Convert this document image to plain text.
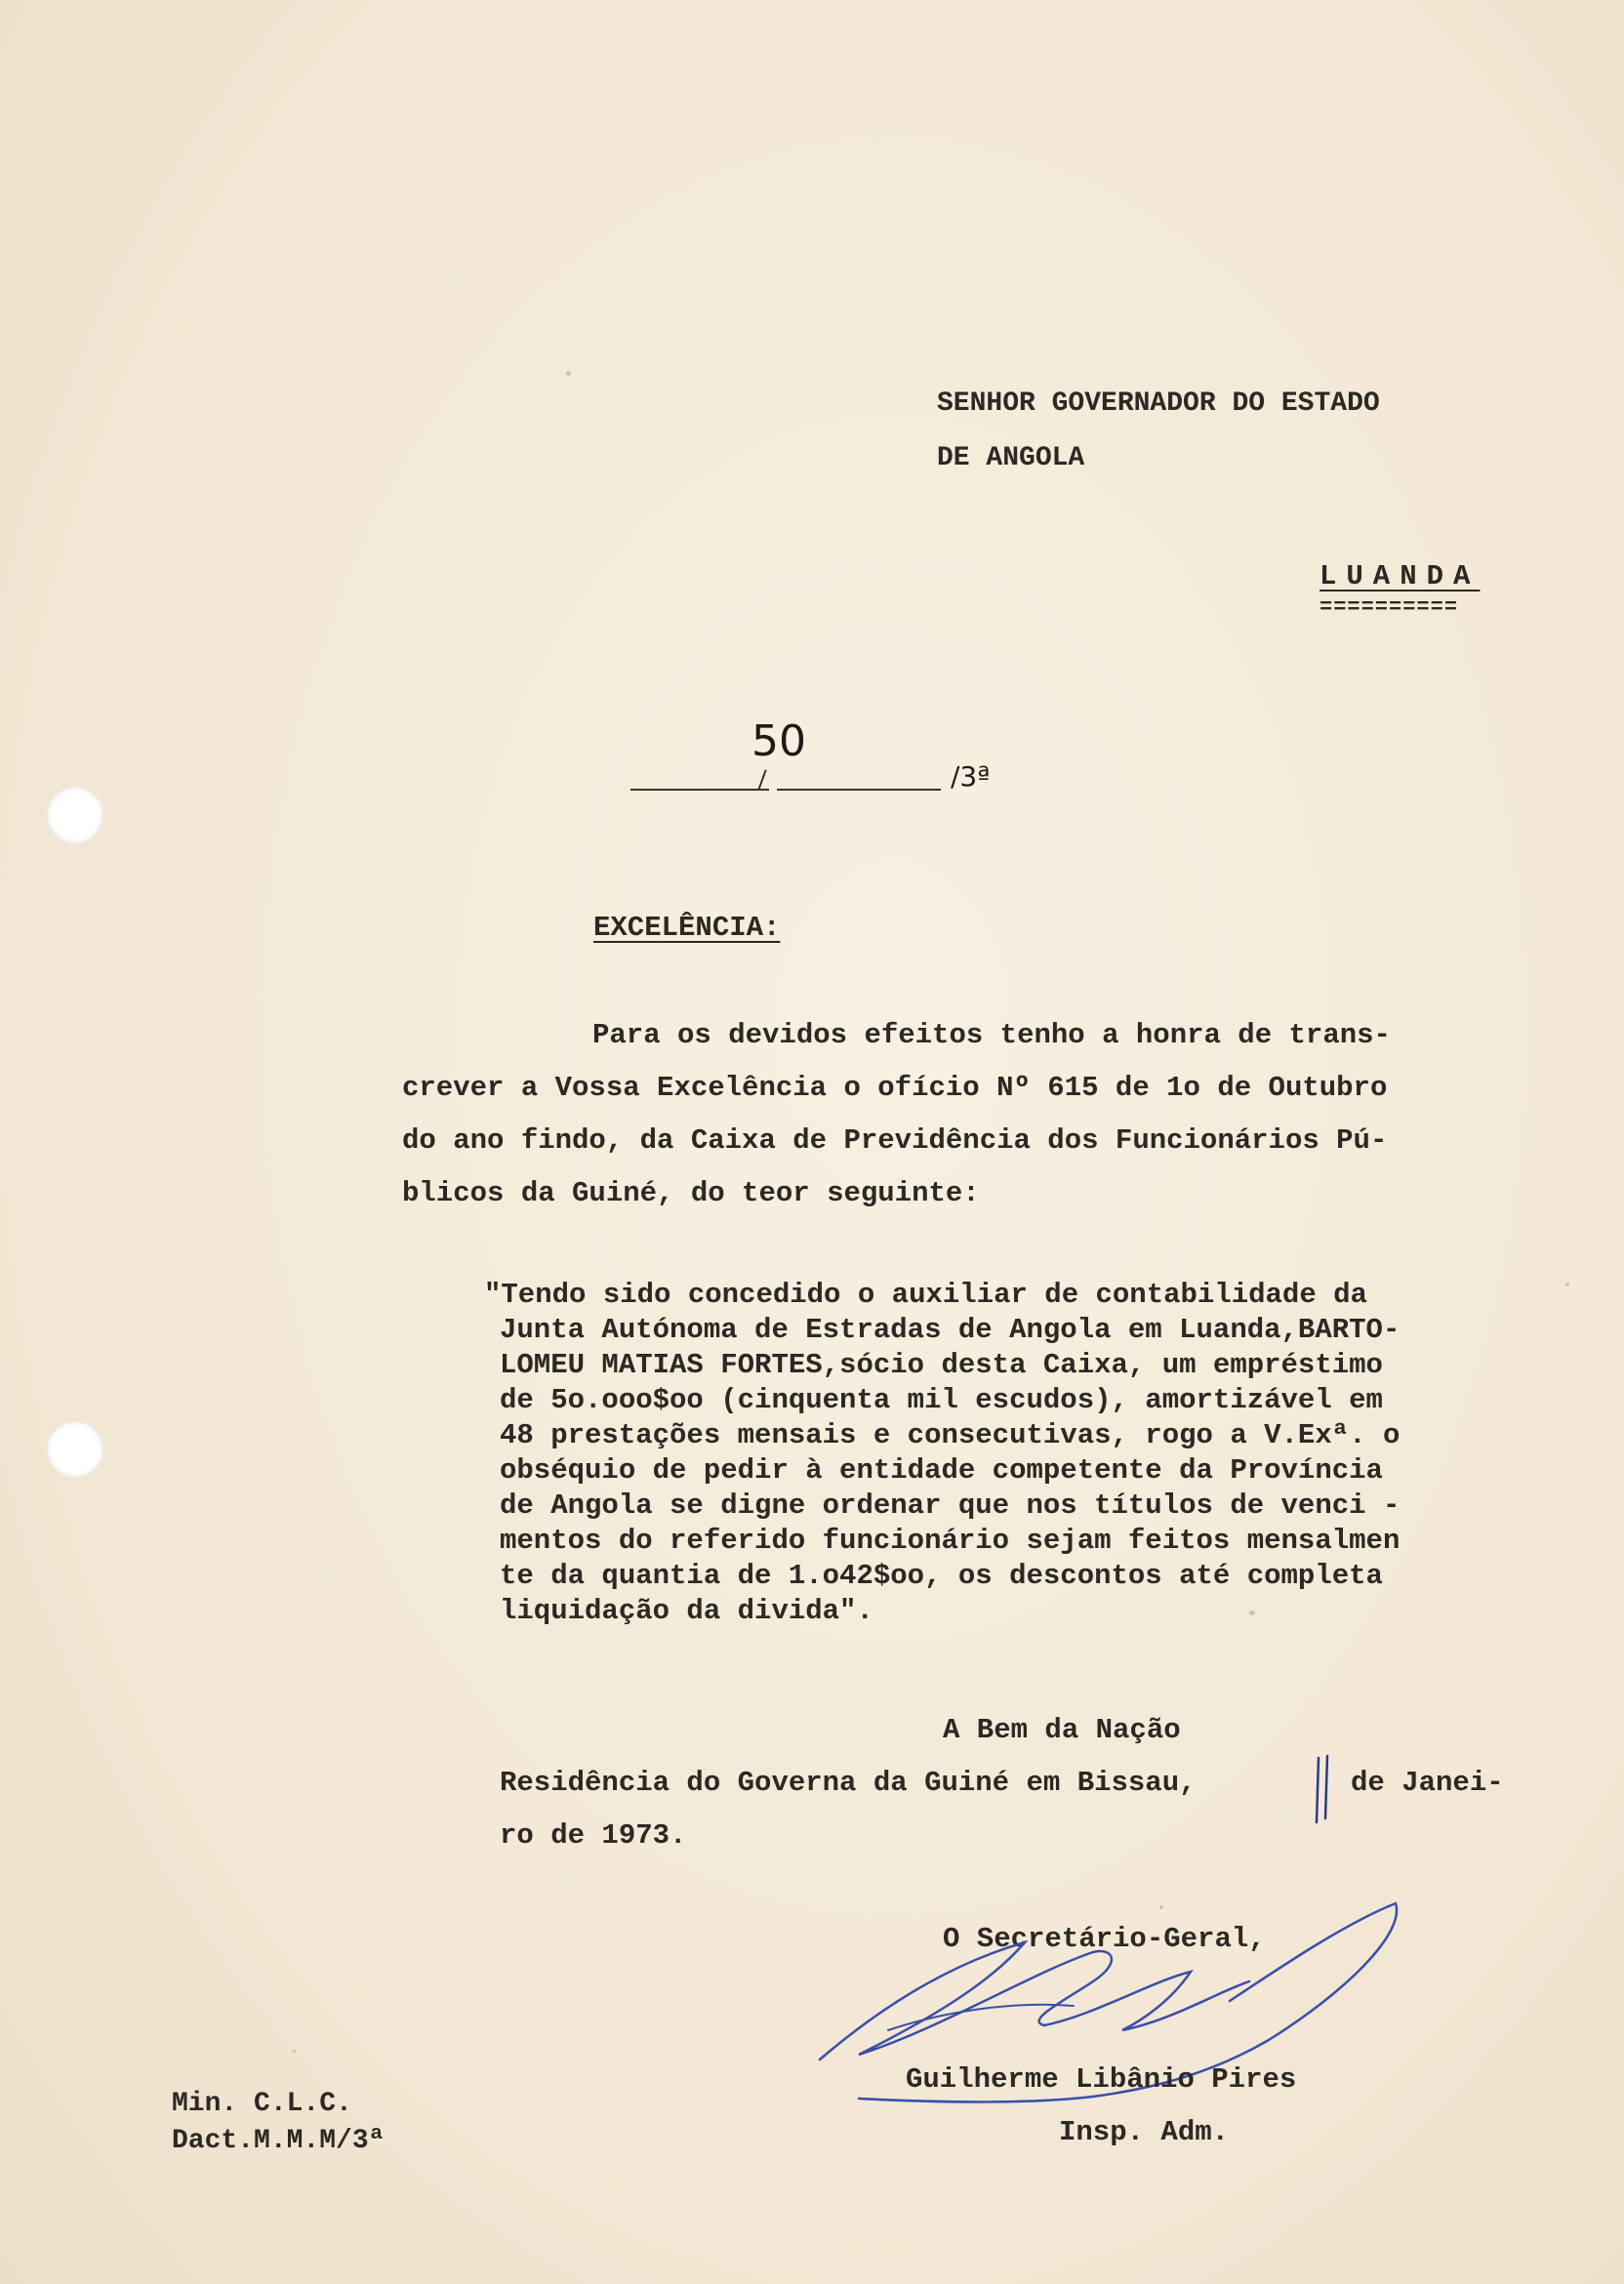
SENHOR GOVERNADOR DO ESTADO
DE ANGOLA
LUANDA
==========
50
/3ª
EXCELÊNCIA:
Para os devidos efeitos tenho a honra de trans-
crever a Vossa Excelência o ofício Nº 615 de 1o de Outubro
do ano findo, da Caixa de Previdência dos Funcionários Pú-
blicos da Guiné, do teor seguinte:
"Tendo sido concedido o auxiliar de contabilidade da
Junta Autónoma de Estradas de Angola em Luanda,BARTO-
LOMEU MATIAS FORTES,sócio desta Caixa, um empréstimo
de 5o.ooo$oo (cinquenta mil escudos), amortizável em
48 prestações mensais e consecutivas, rogo a V.Exª. o
obséquio de pedir à entidade competente da Província
de Angola se digne ordenar que nos títulos de venci -
mentos do referido funcionário sejam feitos mensalmen
te da quantia de 1.o42$oo, os descontos até completa
liquidação da divida".
A Bem da Nação
Residência do Governa da Guiné em Bissau,	de Janei-
ro de 1973.
O Secretário-Geral,
Guilherme Libânio Pires
Insp. Adm.
Min. C.L.C.
Dact.M.M.M/3ª
